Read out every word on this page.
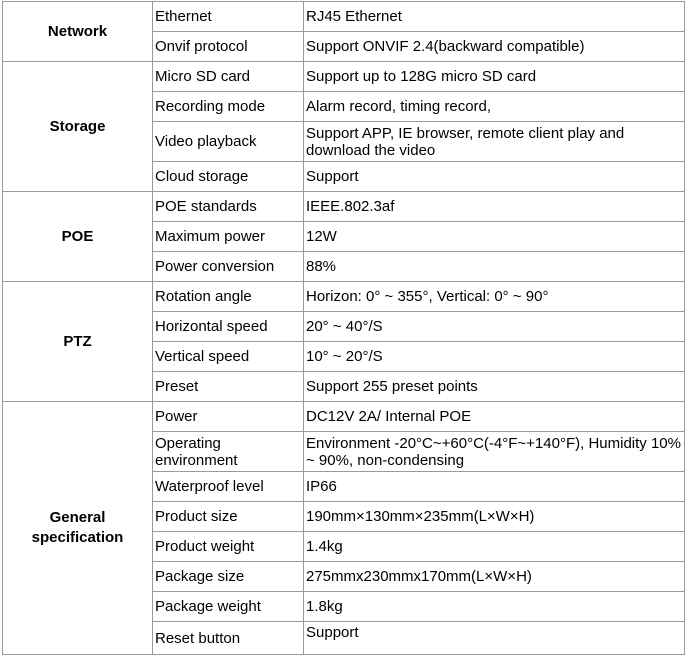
Network	Ethernet	RJ45 Ethernet
	Onvif protocol	Support ONVIF 2.4(backward compatible)
Storage	Micro SD card	Support up to 128G micro SD card
	Recording mode	Alarm record, timing record,
	Video playback	Support APP, IE browser, remote client play and download the video
	Cloud storage	Support
POE	POE standards	IEEE.802.3af
	Maximum power	12W
	Power conversion	88%
PTZ	Rotation angle	Horizon: 0° ~ 355°, Vertical: 0° ~ 90°
	Horizontal speed	20° ~ 40°/S
	Vertical speed	10° ~ 20°/S
	Preset	Support 255 preset points
General specification	Power	DC12V 2A/ Internal POE
	Operating environment	Environment -20°C~+60°C(-4°F~+140°F), Humidity 10% ~ 90%, non-condensing
	Waterproof level	IP66
	Product size	190mm×130mm×235mm(L×W×H)
	Product weight	1.4kg
	Package size	275mmx230mmx170mm(L×W×H)
	Package weight	1.8kg
	Reset button	Support
